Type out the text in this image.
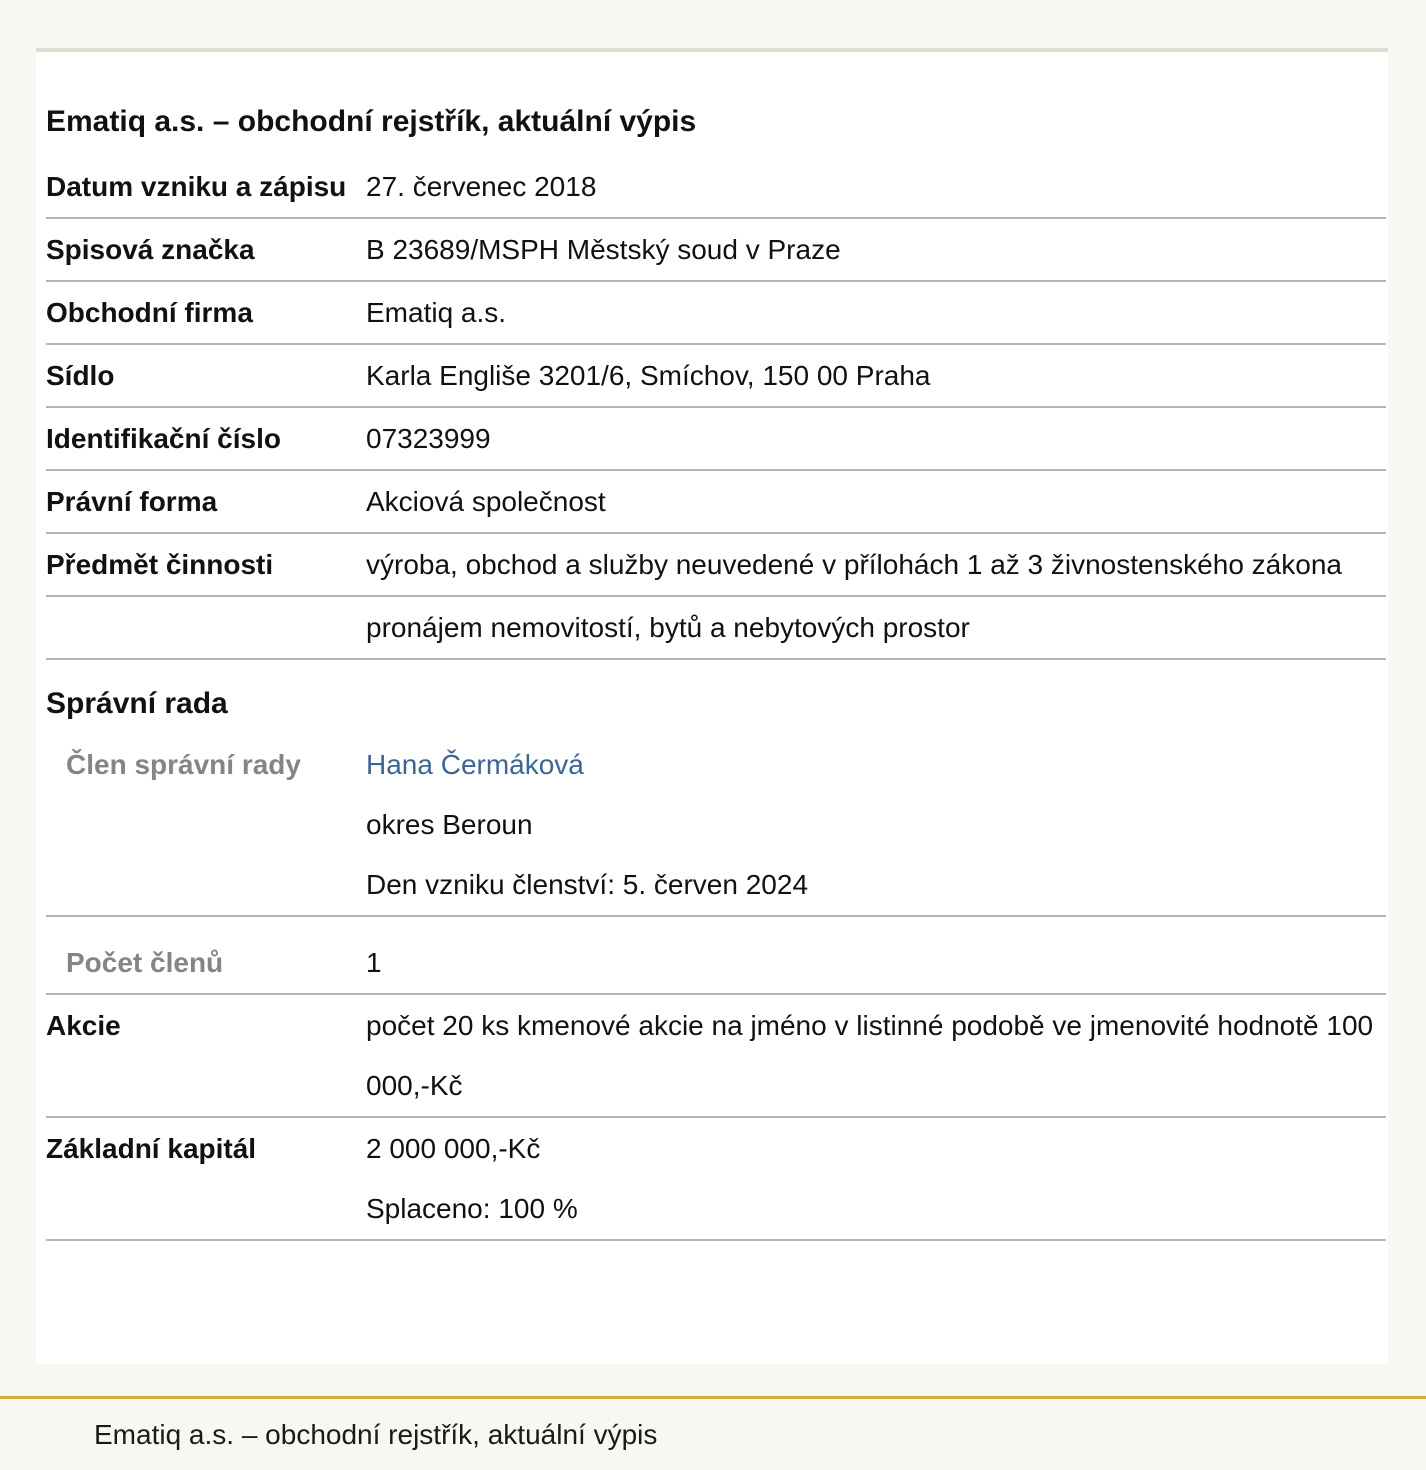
Ematiq a.s. – obchodní rejstřík, aktuální výpis
Datum vzniku a zápisu	27. červenec 2018
Spisová značka	B 23689/MSPH Městský soud v Praze
Obchodní firma	Ematiq a.s.
Sídlo	Karla Engliše 3201/6, Smíchov, 150 00 Praha
Identifikační číslo	07323999
Právní forma	Akciová společnost
Předmět činnosti	výroba, obchod a služby neuvedené v přílohách 1 až 3 živnostenského zákona
	pronájem nemovitostí, bytů a nebytových prostor
Správní rada	
Člen správní rady	Hana Čermáková
okres Beroun
Den vzniku členství: 5. červen 2024

Počet členů	1
Akcie	počet 20 ks kmenové akcie na jméno v listinné podobě ve jmenovité hodnotě 100 000,-Kč
Základní kapitál	2 000 000,-Kč
Splaceno: 100 %
Ematiq a.s. – obchodní rejstřík, aktuální výpis
